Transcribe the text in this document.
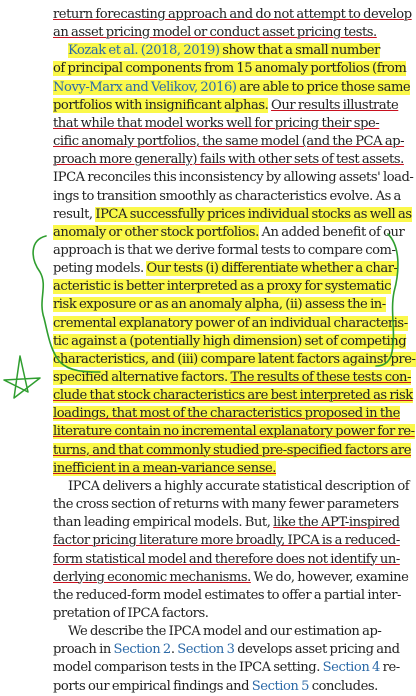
return forecasting approach and do not attempt to develop
an asset pricing model or conduct asset pricing tests.
Kozak et al. (2018, 2019) show that a small number
of principal components from 15 anomaly portfolios (from
Novy-Marx and Velikov, 2016) are able to price those same
portfolios with insignificant alphas. Our results illustrate
that while that model works well for pricing their spe-
cific anomaly portfolios, the same model (and the PCA ap-
proach more generally) fails with other sets of test assets.
IPCA reconciles this inconsistency by allowing assets' load-
ings to transition smoothly as characteristics evolve. As a
result, IPCA successfully prices individual stocks as well as
anomaly or other stock portfolios. An added benefit of our
approach is that we derive formal tests to compare com-
peting models. Our tests (i) differentiate whether a char-
acteristic is better interpreted as a proxy for systematic
risk exposure or as an anomaly alpha, (ii) assess the in-
cremental explanatory power of an individual characteris-
tic against a (potentially high dimension) set of competing
characteristics, and (iii) compare latent factors against pre-
specified alternative factors. The results of these tests con-
clude that stock characteristics are best interpreted as risk
loadings, that most of the characteristics proposed in the
literature contain no incremental explanatory power for re-
turns, and that commonly studied pre-specified factors are
inefficient in a mean-variance sense.
IPCA delivers a highly accurate statistical description of
the cross section of returns with many fewer parameters
than leading empirical models. But, like the APT-inspired
factor pricing literature more broadly, IPCA is a reduced-
form statistical model and therefore does not identify un-
derlying economic mechanisms. We do, however, examine
the reduced-form model estimates to offer a partial inter-
pretation of IPCA factors.
We describe the IPCA model and our estimation ap-
proach in Section 2. Section 3 develops asset pricing and
model comparison tests in the IPCA setting. Section 4 re-
ports our empirical findings and Section 5 concludes.
